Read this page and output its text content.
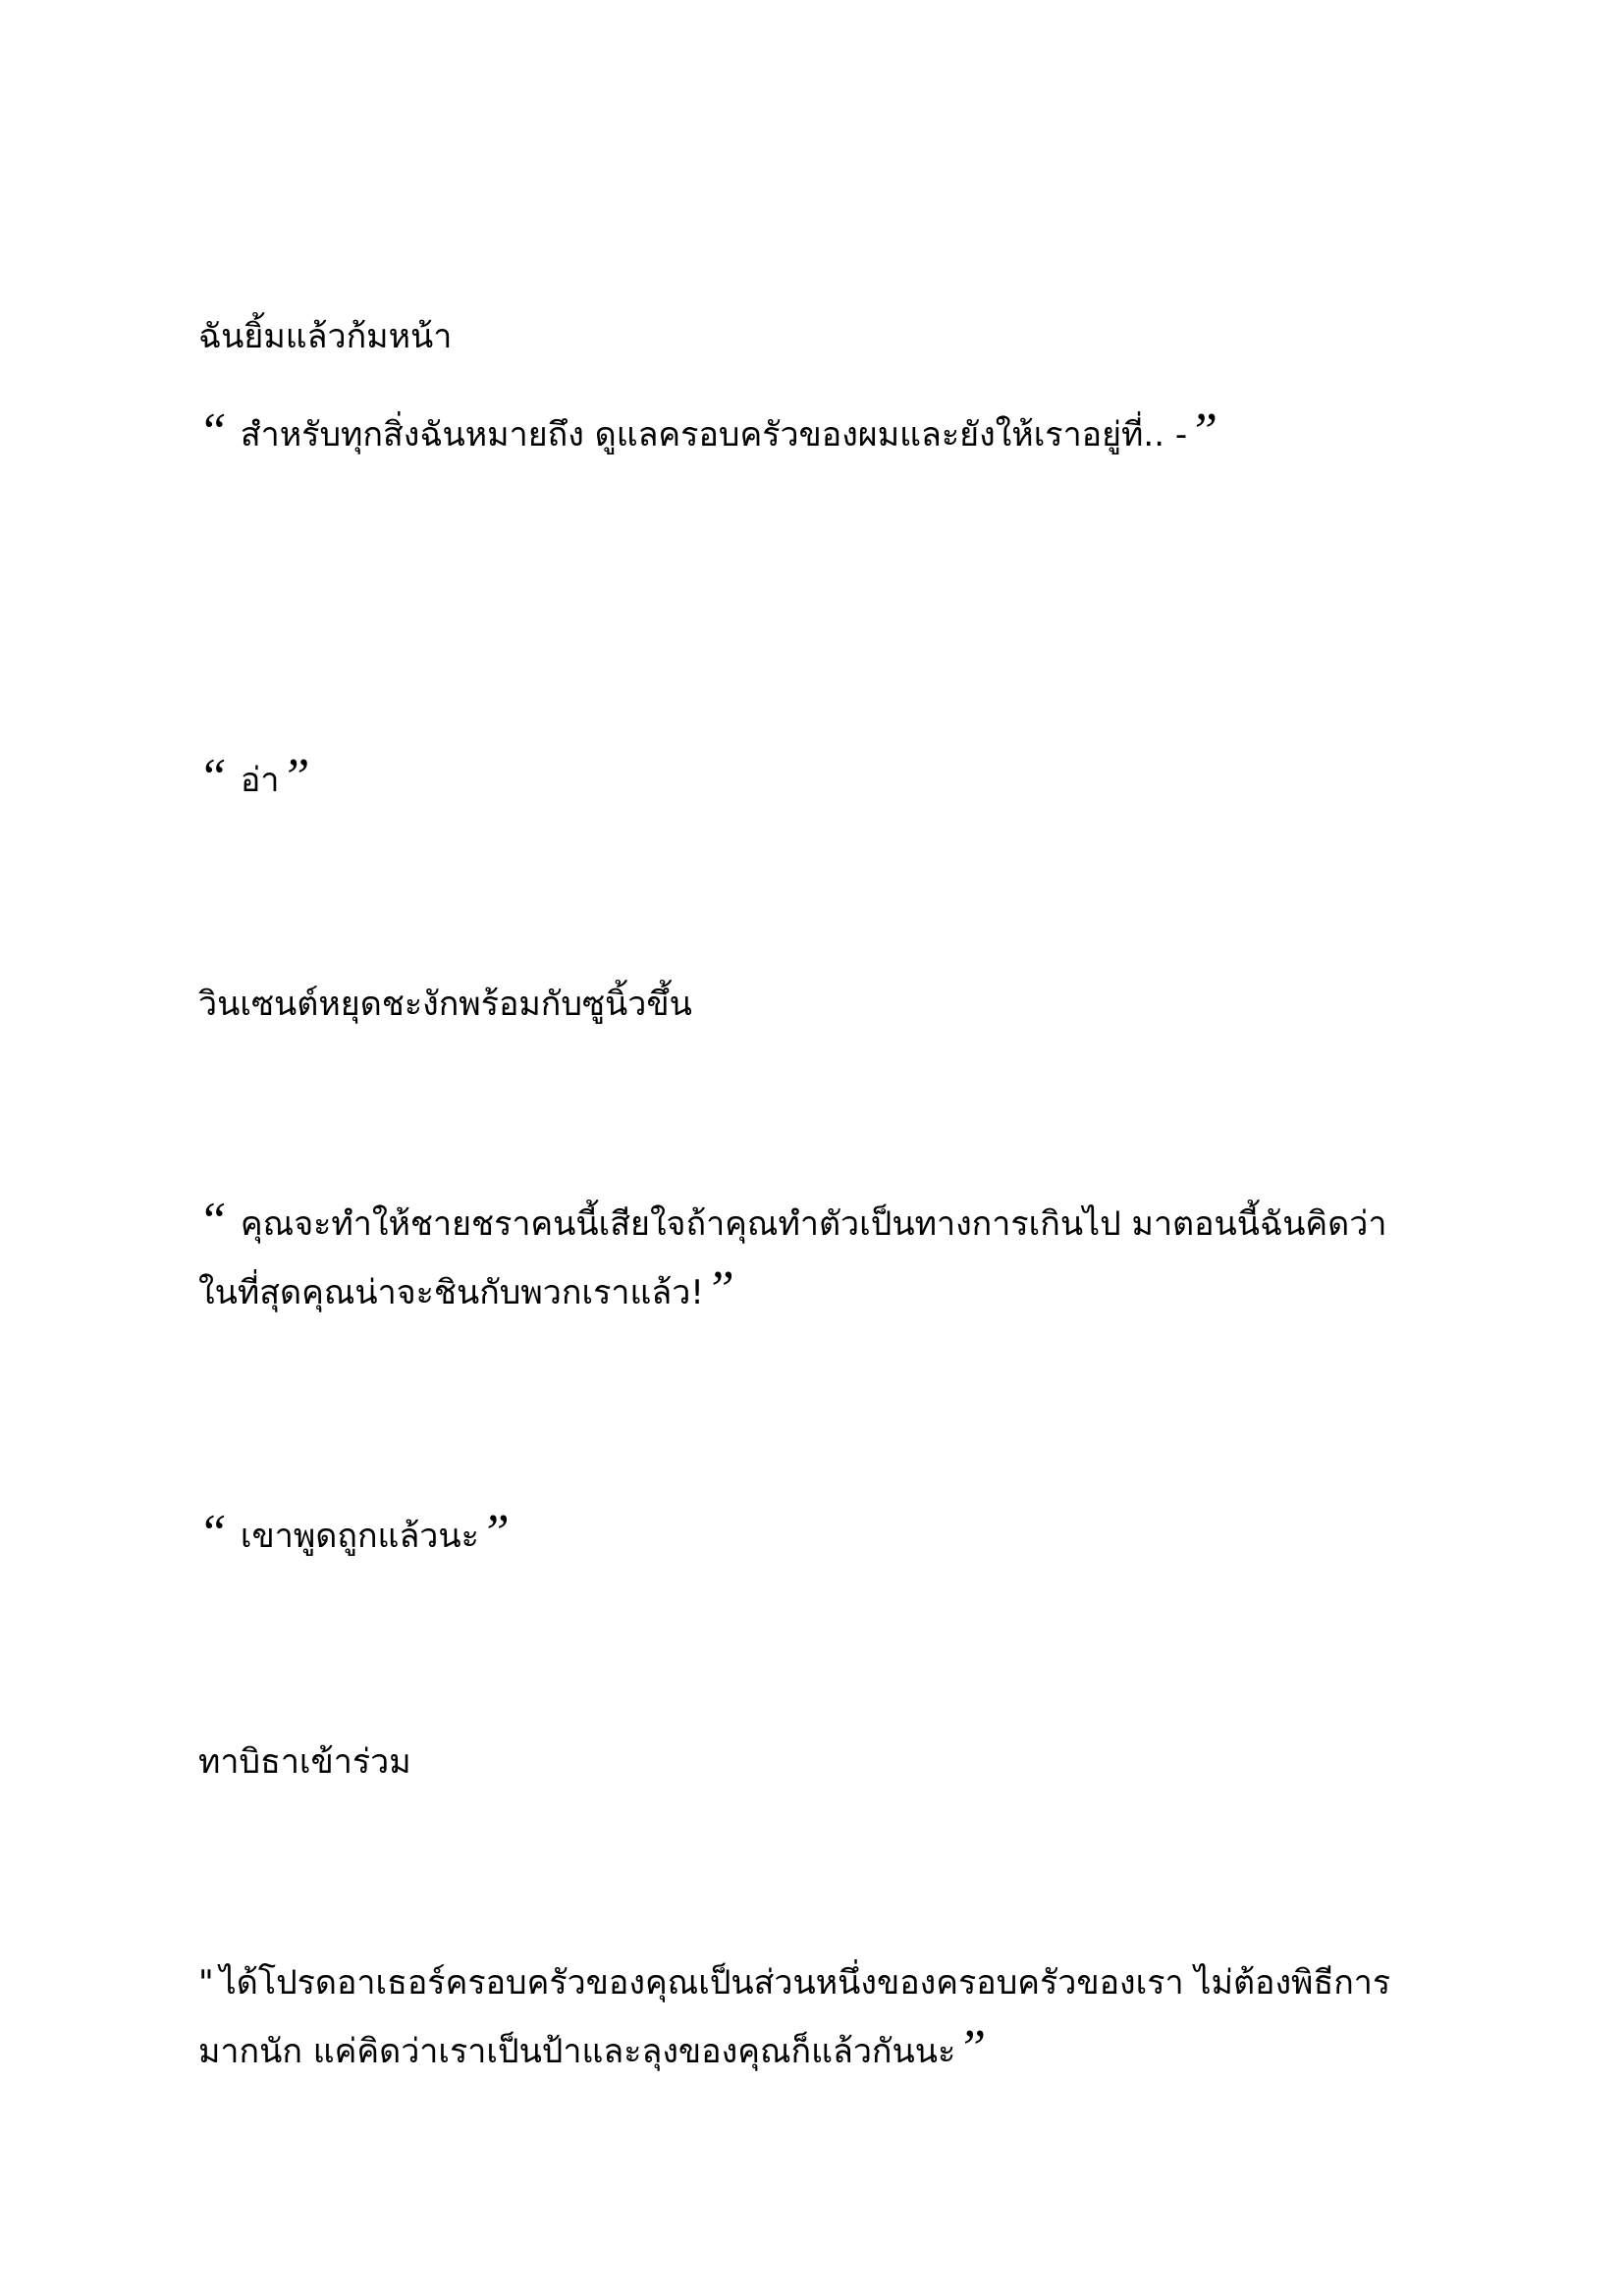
ฉันยิ้มแล้วก้มหน้า

“ สำหรับทุกสิ่งฉันหมายถึง ดูแลครอบครัวของผมและยังให้เราอยู่ที่.. -”

“ อ่า”

วินเซนต์หยุดชะงักพร้อมกับซูนิ้วขึ้น

“ คุณจะทำให้ชายชราคนนี้เสียใจถ้าคุณทำตัวเป็นทางการเกินไป มาตอนนี้ฉันคิดว่า
ในที่สุดคุณน่าจะชินกับพวกเราแล้ว!”

“ เขาพูดถูกแล้วนะ”

ทาบิธาเข้าร่วม

" ได้โปรดอาเธอร์ครอบครัวของคุณเป็นส่วนหนึ่งของครอบครัวของเรา ไม่ต้องพิธีการ
มากนัก แค่คิดว่าเราเป็นป้าและลุงของคุณก็แล้วกันนะ”
